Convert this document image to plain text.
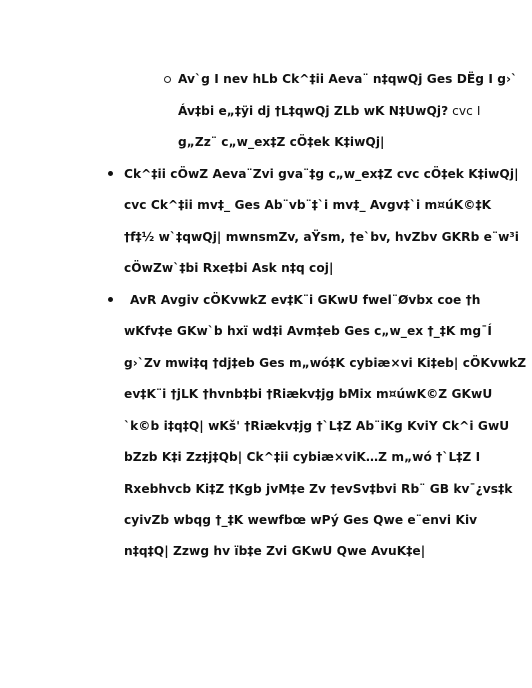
Av`g I nev hLb Ck^‡ii Aeva¨ n‡qwQj Ges DËg I g›`
Áv‡bi e„‡ÿi dj †L‡qwQj ZLb wK N‡UwQj? cvc I
g„Zz¨ c„w_ex‡Z cÖ‡ek K‡iwQj|
Ck^‡ii cÖwZ Aeva¨Zvi gva¨‡g c„w_ex‡Z cvc cÖ‡ek K‡iwQj|
cvc Ck^‡ii mv‡_ Ges Ab¨vb¨‡`i mv‡_ Avgv‡`i m¤úK©‡K
†f‡½ w`‡qwQj| mwnsmZv, aŸsm, †e`bv, hvZbv GKRb e¨w³i
cÖwZw`‡bi Rxe‡bi Ask n‡q coj|
AvR Avgiv cÖKvwkZ ev‡K¨i GKwU fwel¨Øvbx coe †h
wKfv‡e GKw`b hxï wd‡i Avm‡eb Ges c„w_ex †_‡K mg¯Í
g›`Zv mwi‡q †dj‡eb Ges m„wó‡K cybiæ×vi Ki‡eb| cÖKvwkZ
ev‡K¨i †jLK †hvnb‡bi †Riækv‡jg bMix m¤úwK©Z GKwU
`k©b i‡q‡Q| wKš' †Riækv‡jg †`L‡Z Ab¨iKg KviY Ck^i GwU
bZzb K‡i Zz‡j‡Qb| Ck^‡ii cybiæ×viK…Z m„wó †`L‡Z I
Rxebhvcb Ki‡Z †Kgb jvM‡e Zv †evSv‡bvi Rb¨ GB kv¯¿vs‡k
cyivZb wbqg †_‡K wewfbœ wPý Ges Qwe e¨envi Kiv
n‡q‡Q| Zzwg hv ïb‡e Zvi GKwU Qwe AvuK‡e|
